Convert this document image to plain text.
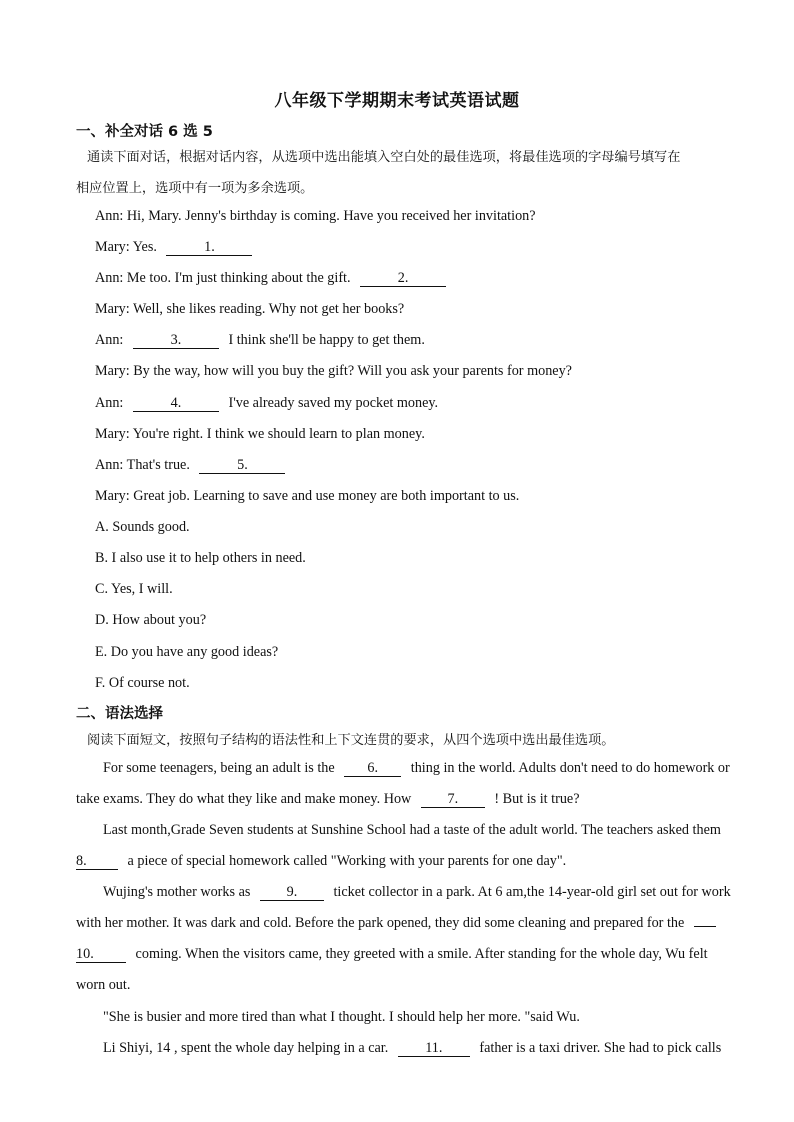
八年级下学期期末考试英语试题
一、补全对话 6 选 5
通读下面对话，根据对话内容，从选项中选出能填入空白处的最佳选项，将最佳选项的字母编号填写在
相应位置上，选项中有一项为多余选项。
Ann: Hi, Mary. Jenny's birthday is coming. Have you received her invitation?
Mary: Yes.	1.
Ann: Me too. I'm just thinking about the gift.	2.
Mary: Well, she likes reading. Why not get her books?
Ann:	3.	I think she'll be happy to get them.
Mary: By the way, how will you buy the gift? Will you ask your parents for money?
Ann:	4.	I've already saved my pocket money.
Mary: You're right. I think we should learn to plan money.
Ann: That's true.	5.
Mary: Great job. Learning to save and use money are both important to us.
A. Sounds good.
B. I also use it to help others in need.
C. Yes, I will.
D. How about you?
E. Do you have any good ideas?
F. Of course not.
二、语法选择
阅读下面短文，按照句子结构的语法性和上下文连贯的要求，从四个选项中选出最佳选项。
For some teenagers, being an adult is the 6. thing in the world. Adults don't need to do homework or
take exams. They do what they like and make money. How	7.	! But is it true?
Last month,Grade Seven students at Sunshine School had a taste of the adult world. The teachers asked them
8.	a piece of special homework called "Working with your parents for one day".
Wujing's mother works as	9.	ticket collector in a park. At 6 am,the 14-year-old girl set out for work
with her mother. It was dark and cold. Before the park opened, they did some cleaning and prepared for the
10.	coming. When the visitors came, they greeted with a smile. After standing for the whole day, Wu felt
worn out.
"She is busier and more tired than what I thought. I should help her more. "said Wu.
Li Shiyi, 14 , spent the whole day helping in a car.	11.	father is a taxi driver. She had to pick calls
